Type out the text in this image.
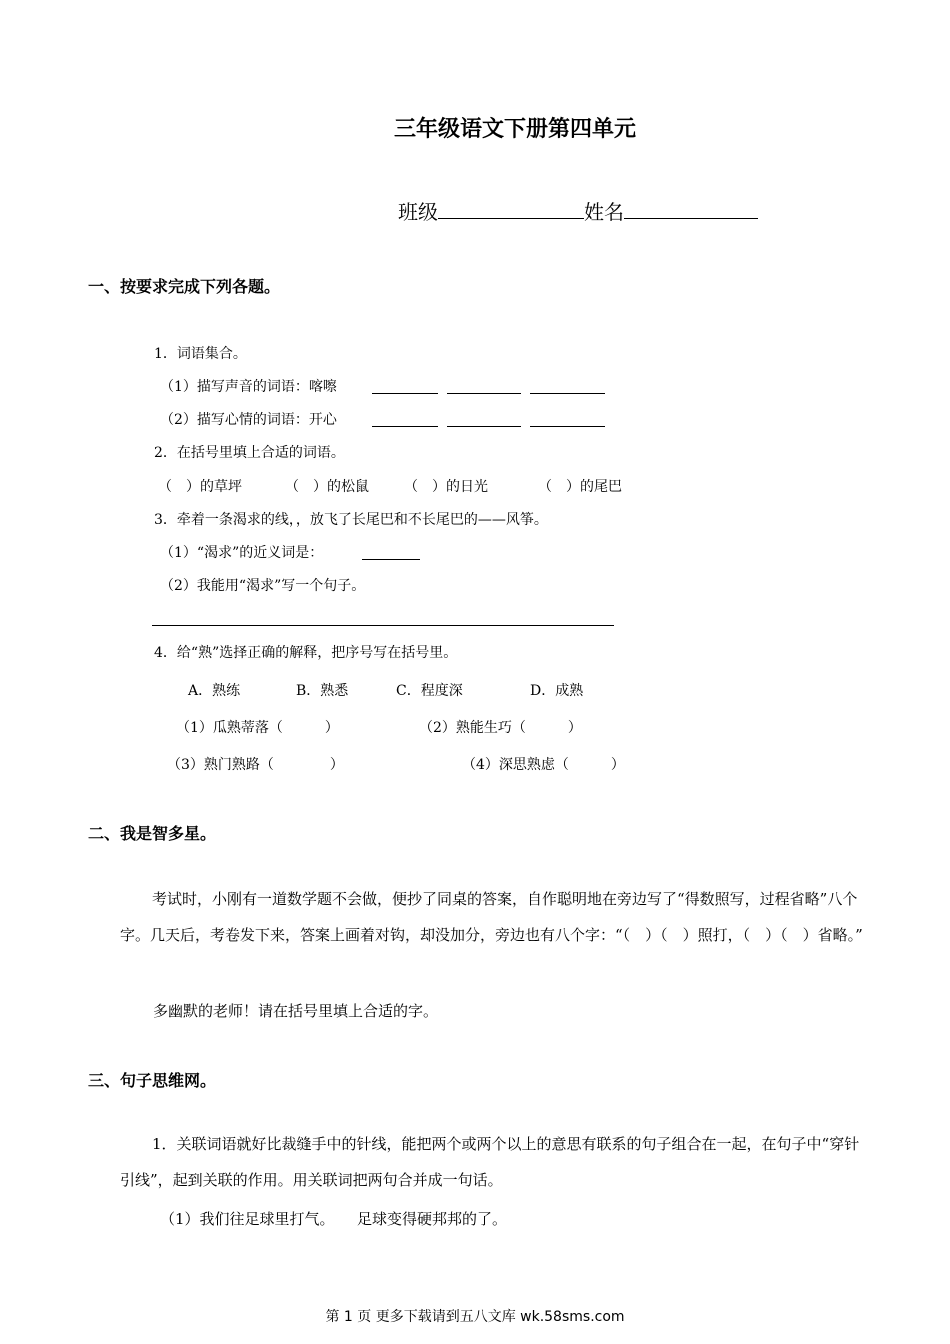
三年级语文下册第四单元
班级	姓名
一、按要求完成下列各题。
1．词语集合。
（1）描写声音的词语：喀嚓
（2）描写心情的词语：开心
2．在括号里填上合适的词语。
（　）的草坪	（　）的松鼠	（　）的日光	（　）的尾巴
3．牵着一条渴求的线，，放飞了长尾巴和不长尾巴的——风筝。
（1）“渴求”的近义词是：
（2）我能用“渴求”写一个句子。
4．给“熟”选择正确的解释，把序号写在括号里。
A．熟练	B．熟悉	C．程度深	D．成熟
（1）瓜熟蒂落（　　　）	（2）熟能生巧（　　　）
（3）熟门熟路（　　　　）	（4）深思熟虑（　　　）
二、我是智多星。
考试时，小刚有一道数学题不会做，便抄了同桌的答案，自作聪明地在旁边写了“得数照写，过程省略”八个字。几天后，考卷发下来，答案上画着对钩，却没加分，旁边也有八个字：“（　）（　）照打，（　）（　）省略。”
多幽默的老师！请在括号里填上合适的字。
三、句子思维网。
1．关联词语就好比裁缝手中的针线，能把两个或两个以上的意思有联系的句子组合在一起，在句子中“穿针引线”，起到关联的作用。用关联词把两句合并成一句话。
（1）我们往足球里打气。　　足球变得硬邦邦的了。
第 1 页 更多下载请到五八文库 wk.58sms.com
